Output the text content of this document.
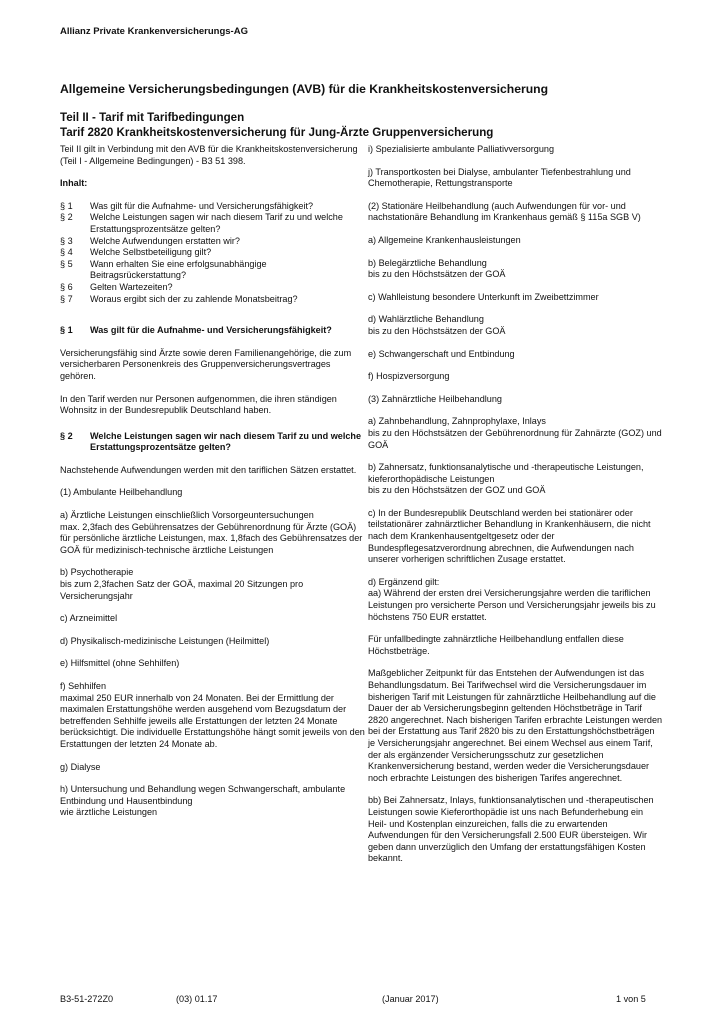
Allianz Private Krankenversicherungs-AG
Allgemeine Versicherungsbedingungen (AVB) für die Krankheitskostenversicherung
Teil II - Tarif mit Tarifbedingungen
Tarif 2820 Krankheitskostenversicherung für Jung-Ärzte Gruppenversicherung

Teil II gilt in Verbindung mit den AVB für die Krankheitskostenversicherung (Teil I - Allgemeine Bedingungen) - B3 51 398.

Inhalt:

§ 1	Was gilt für die Aufnahme- und Versicherungsfähigkeit?
§ 2	Welche Leistungen sagen wir nach diesem Tarif zu und welche Erstattungsprozentsätze gelten?
§ 3	Welche Aufwendungen erstatten wir?
§ 4	Welche Selbstbeteiligung gilt?
§ 5	Wann erhalten Sie eine erfolgsunabhängige Beitragsrückerstattung?
§ 6	Gelten Wartezeiten?
§ 7	Woraus ergibt sich der zu zahlende Monatsbeitrag?
§ 1	Was gilt für die Aufnahme- und Versicherungsfähigkeit?

Versicherungsfähig sind Ärzte sowie deren Familienangehörige, die zum versicherbaren Personenkreis des Gruppenversicherungsvertrages gehören.

In den Tarif werden nur Personen aufgenommen, die ihren ständigen Wohnsitz in der Bundesrepublik Deutschland haben.

§ 2	Welche Leistungen sagen wir nach diesem Tarif zu und welche Erstattungsprozentsätze gelten?

Nachstehende Aufwendungen werden mit den tariflichen Sätzen erstattet.

(1) Ambulante Heilbehandlung

a) Ärztliche Leistungen einschließlich Vorsorgeuntersuchungen

max. 2,3fach des Gebührensatzes der Gebührenordnung für Ärzte (GOÄ) für persönliche ärztliche Leistungen, max. 1,8fach des Gebührensatzes der GOÄ für medizinisch-technische ärztliche Leistungen

b) Psychotherapie

bis zum 2,3fachen Satz der GOÄ, maximal 20 Sitzungen pro Versicherungsjahr

c) Arzneimittel

d) Physikalisch-medizinische Leistungen (Heilmittel)

e) Hilfsmittel (ohne Sehhilfen)

f) Sehhilfen

maximal 250 EUR innerhalb von 24 Monaten. Bei der Ermittlung der maximalen Erstattungshöhe werden ausgehend vom Bezugsdatum der betreffenden Sehhilfe jeweils alle Erstattungen der letzten 24 Monate berücksichtigt. Die individuelle Erstattungshöhe hängt somit jeweils von den Erstattungen der letzten 24 Monate ab.

g) Dialyse

h) Untersuchung und Behandlung wegen Schwangerschaft, ambulante Entbindung und Hausentbindung

wie ärztliche Leistungen

i) Spezialisierte ambulante Palliativversorgung

j) Transportkosten bei Dialyse, ambulanter Tiefenbestrahlung und Chemotherapie, Rettungstransporte

(2) Stationäre Heilbehandlung (auch Aufwendungen für vor- und nachstationäre Behandlung im Krankenhaus gemäß § 115a SGB V)

a) Allgemeine Krankenhausleistungen

b) Belegärztliche Behandlung

bis zu den Höchstsätzen der GOÄ

c) Wahlleistung besondere Unterkunft im Zweibettzimmer

d) Wahlärztliche Behandlung

bis zu den Höchstsätzen der GOÄ

e) Schwangerschaft und Entbindung

f) Hospizversorgung

(3) Zahnärztliche Heilbehandlung

a) Zahnbehandlung, Zahnprophylaxe, Inlays

bis zu den Höchstsätzen der Gebührenordnung für Zahnärzte (GOZ) und GOÄ

b) Zahnersatz, funktionsanalytische und -therapeutische Leistungen, kieferorthopädische Leistungen

bis zu den Höchstsätzen der GOZ und GOÄ

c) In der Bundesrepublik Deutschland werden bei stationärer oder teilstationärer zahnärztlicher Behandlung in Krankenhäusern, die nicht nach dem Krankenhausentgeltgesetz oder der Bundespflegesatzverordnung abrechnen, die Aufwendungen nach unserer vorherigen schriftlichen Zusage erstattet.

d) Ergänzend gilt:

aa) Während der ersten drei Versicherungsjahre werden die tariflichen Leistungen pro versicherte Person und Versicherungsjahr jeweils bis zu höchstens 750 EUR erstattet.

Für unfallbedingte zahnärztliche Heilbehandlung entfallen diese Höchstbeträge.

Maßgeblicher Zeitpunkt für das Entstehen der Aufwendungen ist das Behandlungsdatum. Bei Tarifwechsel wird die Versicherungsdauer im bisherigen Tarif mit Leistungen für zahnärztliche Heilbehandlung auf die Dauer der ab Versicherungsbeginn geltenden Höchstbeträge in Tarif 2820 angerechnet. Nach bisherigen Tarifen erbrachte Leistungen werden bei der Erstattung aus Tarif 2820 bis zu den Erstattungshöchstbeträgen je Versicherungsjahr angerechnet. Bei einem Wechsel aus einem Tarif, der als ergänzender Versicherungsschutz zur gesetzlichen Krankenversicherung bestand, werden weder die Versicherungsdauer noch erbrachte Leistungen des bisherigen Tarifes angerechnet.

bb) Bei Zahnersatz, Inlays, funktionsanalytischen und -therapeutischen Leistungen sowie Kieferorthopädie ist uns nach Befunderhebung ein Heil- und Kostenplan einzureichen, falls die zu erwartenden Aufwendungen für den Versicherungsfall 2.500 EUR übersteigen. Wir geben dann unverzüglich den Umfang der erstattungsfähigen Kosten bekannt.

B3-51-272Z0	(03) 01.17	(Januar 2017)	1 von 5
